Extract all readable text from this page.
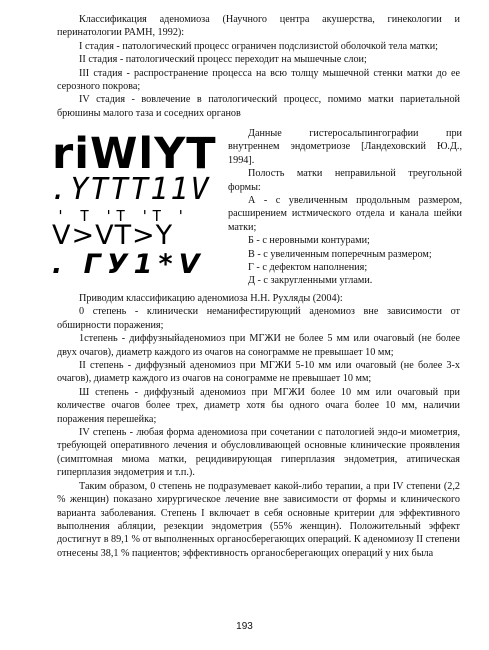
Классификация аденомиоза (Научного центра акушерства, гинекологии и перинатологии РАМН, 1992):

I стадия - патологический процесс ограничен подслизистой оболочкой тела матки;

II стадия - патологический процесс переходит на мышечные слои;

III стадия - распространение процесса на всю толщу мышечной стенки матки до ее серозного покрова;

IV стадия - вовлечение в патологический процесс, помимо матки париетальной брюшины малого таза и соседних органов

riWlYT
.YTTT11V
' T 'T 'T '
V>VT>Y
. ГУ1*V

Данные гистеросальпингографии при внутреннем эндометриозе [Ландеховский Ю.Д., 1994].

Полость матки неправильной треугольной формы:

А - с увеличенным продольным размером, расширением истмического отдела и канала шейки матки;

Б - с неровными контурами;

В - с увеличенным поперечным размером;

Г - с дефектом наполнения;

Д - с закругленными углами.

Приводим классификацию аденомиоза Н.Н. Рухляды (2004):

0 степень - клинически неманифестирующий аденомиоз вне зависимости от обширности поражения;

1степень - диффузныйаденомиоз при МГЖИ не более 5 мм или очаговый (не более двух очагов), диаметр каждого из очагов на сонограмме не превышает 10 мм;

II степень - диффузный аденомиоз при МГЖИ 5-10 мм или очаговый (не более 3-х очагов), диаметр каждого из очагов на сонограмме не превышает 10 мм;

Ш степень - диффузный аденомиоз при МГЖИ более 10 мм или очаговый при количестве очагов более трех, диаметр хотя бы одного очага более 10 мм, наличии поражения перешейка;

IV степень - любая форма аденомиоза при сочетании с патологией эндо-и миометрия, требующей оперативного лечения и обусловливающей основные клинические проявления (симптомная миома матки, рецидивирующая гиперплазия эндометрия, атипическая гиперплазия эндометрия и т.п.).

Таким образом, 0 степень не подразумевает какой-либо терапии, а при IV степени (2,2 % женщин) показано хирургическое лечение вне зависимости от формы и клинического варианта заболевания. Степень I включает в себя основные критерии для эффективного выполнения абляции, резекции эндометрия (55% женщин). Положительный эффект достигнут в 89,1 % от выполненных органосберегающих операций. К аденомиозу II степени отнесены 38,1 % пациентов; эффективность органосберегающих операций у них была

193
